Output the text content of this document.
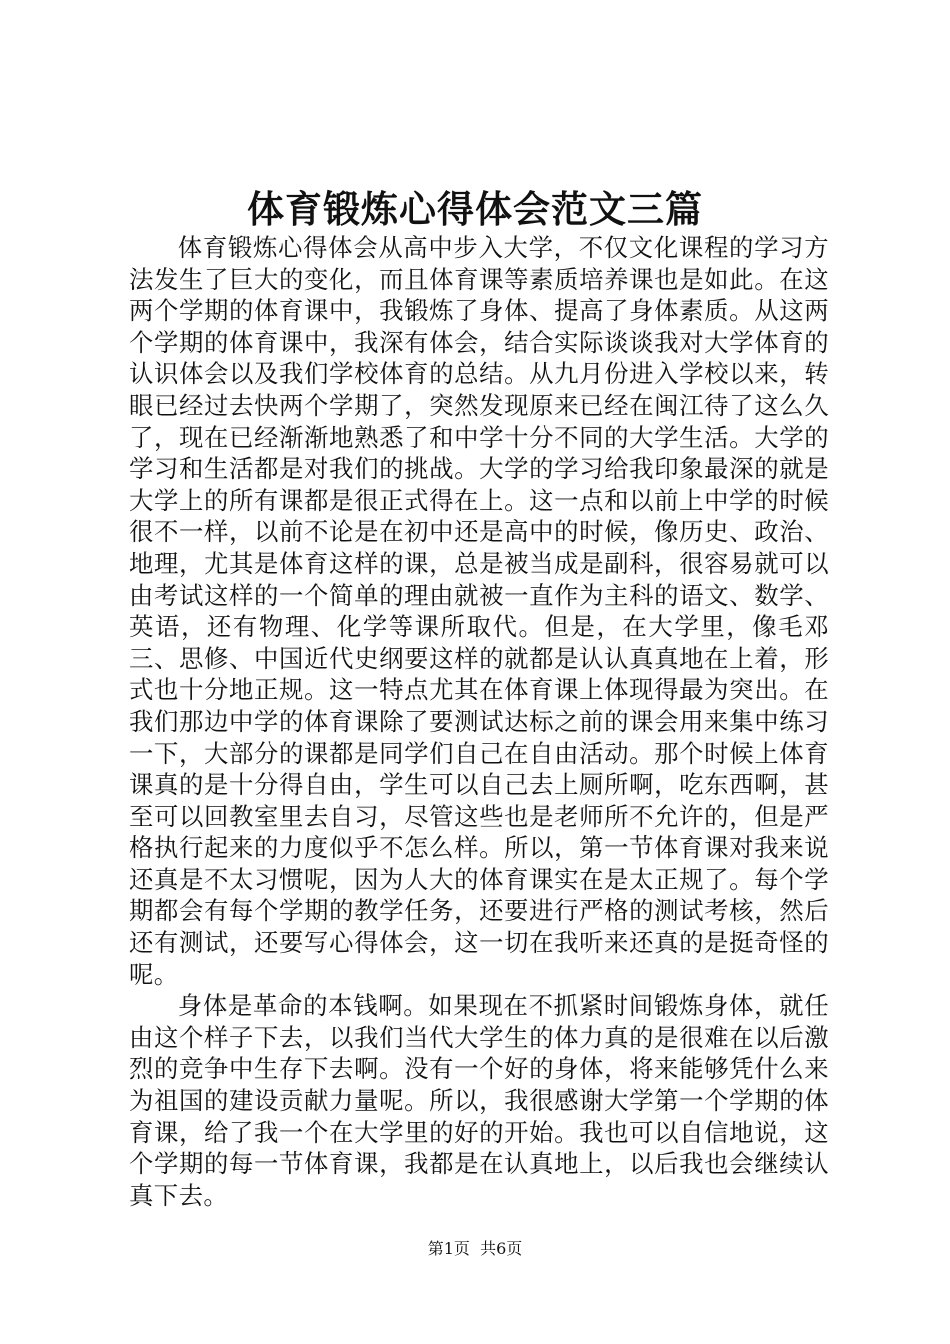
体育锻炼心得体会范文三篇

体育锻炼心得体会从高中步入大学，不仅文化课程的学习方法发生了巨大的变化，而且体育课等素质培养课也是如此。在这两个学期的体育课中，我锻炼了身体、提高了身体素质。从这两个学期的体育课中，我深有体会，结合实际谈谈我对大学体育的认识体会以及我们学校体育的总结。从九月份进入学校以来，转眼已经过去快两个学期了，突然发现原来已经在闽江待了这么久了，现在已经渐渐地熟悉了和中学十分不同的大学生活。大学的学习和生活都是对我们的挑战。大学的学习给我印象最深的就是大学上的所有课都是很正式得在上。这一点和以前上中学的时候很不一样，以前不论是在初中还是高中的时候，像历史、政治、地理，尤其是体育这样的课，总是被当成是副科，很容易就可以由考试这样的一个简单的理由就被一直作为主科的语文、数学、英语，还有物理、化学等课所取代。但是，在大学里，像毛邓三、思修、中国近代史纲要这样的就都是认认真真地在上着，形式也十分地正规。这一特点尤其在体育课上体现得最为突出。在我们那边中学的体育课除了要测试达标之前的课会用来集中练习一下，大部分的课都是同学们自己在自由活动。那个时候上体育课真的是十分得自由，学生可以自己去上厕所啊，吃东西啊，甚至可以回教室里去自习，尽管这些也是老师所不允许的，但是严格执行起来的力度似乎不怎么样。所以，第一节体育课对我来说还真是不太习惯呢，因为人大的体育课实在是太正规了。每个学期都会有每个学期的教学任务，还要进行严格的测试考核，然后还有测试，还要写心得体会，这一切在我听来还真的是挺奇怪的呢。

身体是革命的本钱啊。如果现在不抓紧时间锻炼身体，就任由这个样子下去，以我们当代大学生的体力真的是很难在以后激烈的竞争中生存下去啊。没有一个好的身体，将来能够凭什么来为祖国的建设贡献力量呢。所以，我很感谢大学第一个学期的体育课，给了我一个在大学里的好的开始。我也可以自信地说，这个学期的每一节体育课，我都是在认真地上，以后我也会继续认真下去。

第1页 共6页
